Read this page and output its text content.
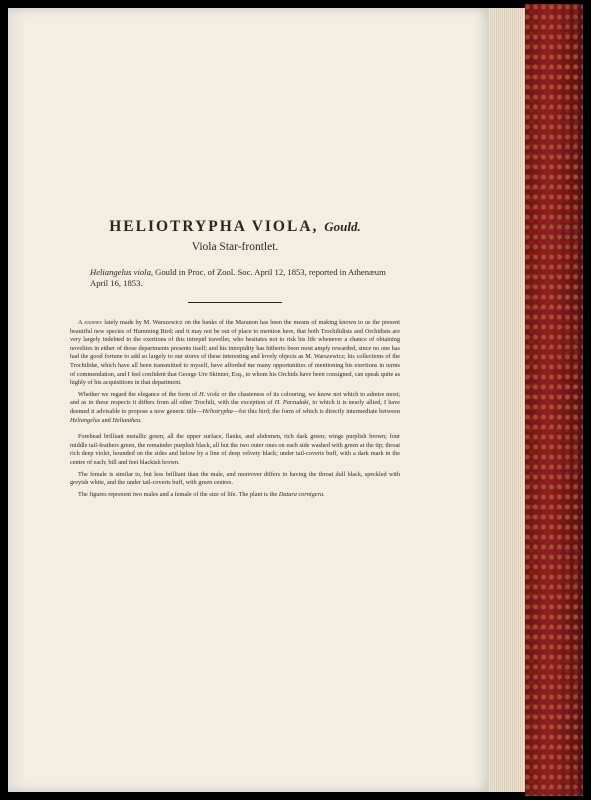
HELIOTRYPHA VIOLA, Gould.
Viola Star-frontlet.
Heliangelus viola, Gould in Proc. of Zool. Soc. April 12, 1853, reported in Athenæum April 16, 1853.

A journey lately made by M. Warszewicz on the banks of the Maranon has been the means of making known to us the present beautiful new species of Humming Bird; and it may not be out of place to mention here, that both Trochilidists and Orchidists are very largely indebted to the exertions of this intrepid traveller, who hesitates not to risk his life whenever a chance of obtaining novelties in either of those departments presents itself; and his intrepidity has hitherto been most amply rewarded, since no one has had the good fortune to add so largely to our stores of these interesting and lovely objects as M. Warszewicz; his collections of the Trochilidæ, which have all been transmitted to myself, have afforded me many opportunities of mentioning his exertions in terms of commendation, and I feel confident that George Ure Skinner, Esq., to whom his Orchids have been consigned, can speak quite as highly of his acquisitions in that department.

Whether we regard the elegance of the form of H. viola or the chasteness of its colouring, we know not which to admire most; and as in these respects it differs from all other Trochili, with the exception of H. Parzudaki, to which it is nearly allied, I have deemed it advisable to propose a new generic title—Heliotrypha—for this bird; the form of which is directly intermediate between Heliangelus and Helianthea.

Forehead brilliant metallic green; all the upper surface, flanks, and abdomen, rich dark green; wings purplish brown; four middle tail-feathers green, the remainder purplish black, all but the two outer ones on each side washed with green at the tip; throat rich deep violet, bounded on the sides and below by a line of deep velvety black; under tail-coverts buff, with a dark mark in the centre of each; bill and feet blackish brown.

The female is similar to, but less brilliant than the male, and moreover differs in having the throat dull black, speckled with greyish white, and the under tail-coverts buff, with green centres.

The figures represent two males and a female of the size of life. The plant is the Datura cornigera.
